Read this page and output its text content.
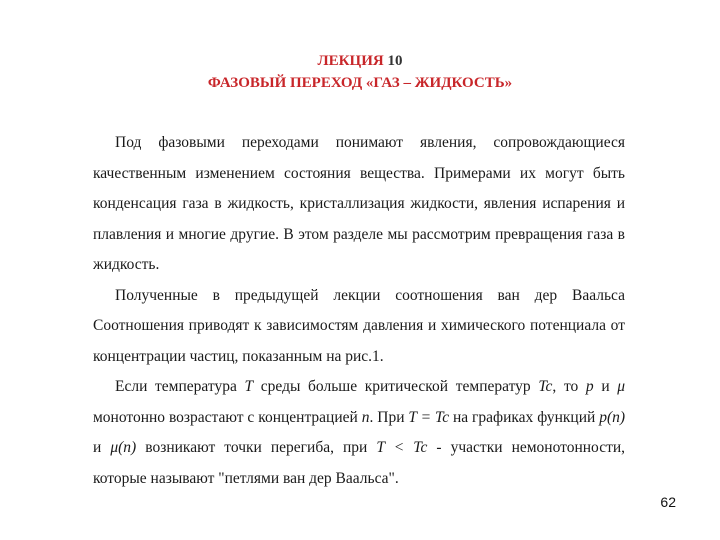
ЛЕКЦИЯ 10
ФАЗОВЫЙ ПЕРЕХОД «ГАЗ – ЖИДКОСТЬ»

Под фазовыми переходами понимают явления, сопровождающиеся качественным изменением состояния вещества. Примерами их могут быть конденсация газа в жидкость, кристаллизация жидкости, явления испарения и плавления и многие другие. В этом разделе мы рассмотрим превращения газа в жидкость.

Полученные в предыдущей лекции соотношения ван дер Ваальса Соотношения приводят к зависимостям давления и химического потенциала от концентрации частиц, показанным на рис.1.

Если температура T среды больше критической температур Tc, то p и μ монотонно возрастают с концентрацией n. При T = Tc на графиках функций p(n) и μ(n) возникают точки перегиба, при T < Tc - участки немонотонности, которые называют "петлями ван дер Ваальса".

62
